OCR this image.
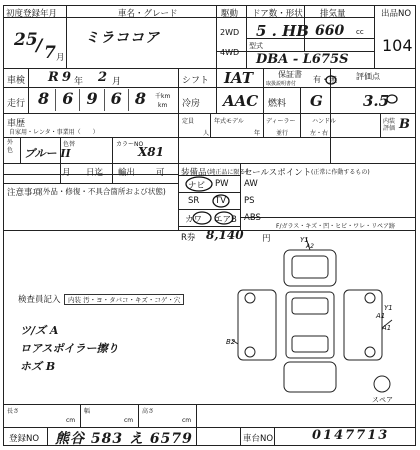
初度登録年月	車名・グレード	駆動 ドア数・形状 排気量	出品NO
104
25
/ 7 月
ミラココア	2WD
4WD
5 . HB 660 cc
型式
DBA - L675S
車検 R 9 年 2 月	シフト IAT	保証書
取扱説明書付 有・無 評価点
3.5
走行 8 6 9 6 8	千km
km 冷房 AAC 燃料 G
車歴
自家用・レンタ・事業用（　　）
定員
人
年式モデル
年
ディーラー
並行
ハンドル
左・右
内装評価 B
外色 ブルー II
色替	カラーNO
X81
月 日迄 輸出 可
注意事項
(外品・修復・不具合箇所および状態)
装備品 (純正品に限る)
ナビ PW AW
SR TV PS
カワ エアB ABS
R券 8,140 円
セールスポイント (正常に作動するもの)
F/ガラス・キズ・凹・ヒビ・ワレ・リペア跡
検査員記入	内装 汚・ヨ・タバコ・キズ・コゲ・穴
ツ/ズ A
ロアスポイラー擦り
ホズ B
Y1
A2
A1
B2
A1
Y1
スペア
長さ
cm
幅
cm
高さ
cm
登録NO 熊谷 583 え 6579	車台NO	0147713
